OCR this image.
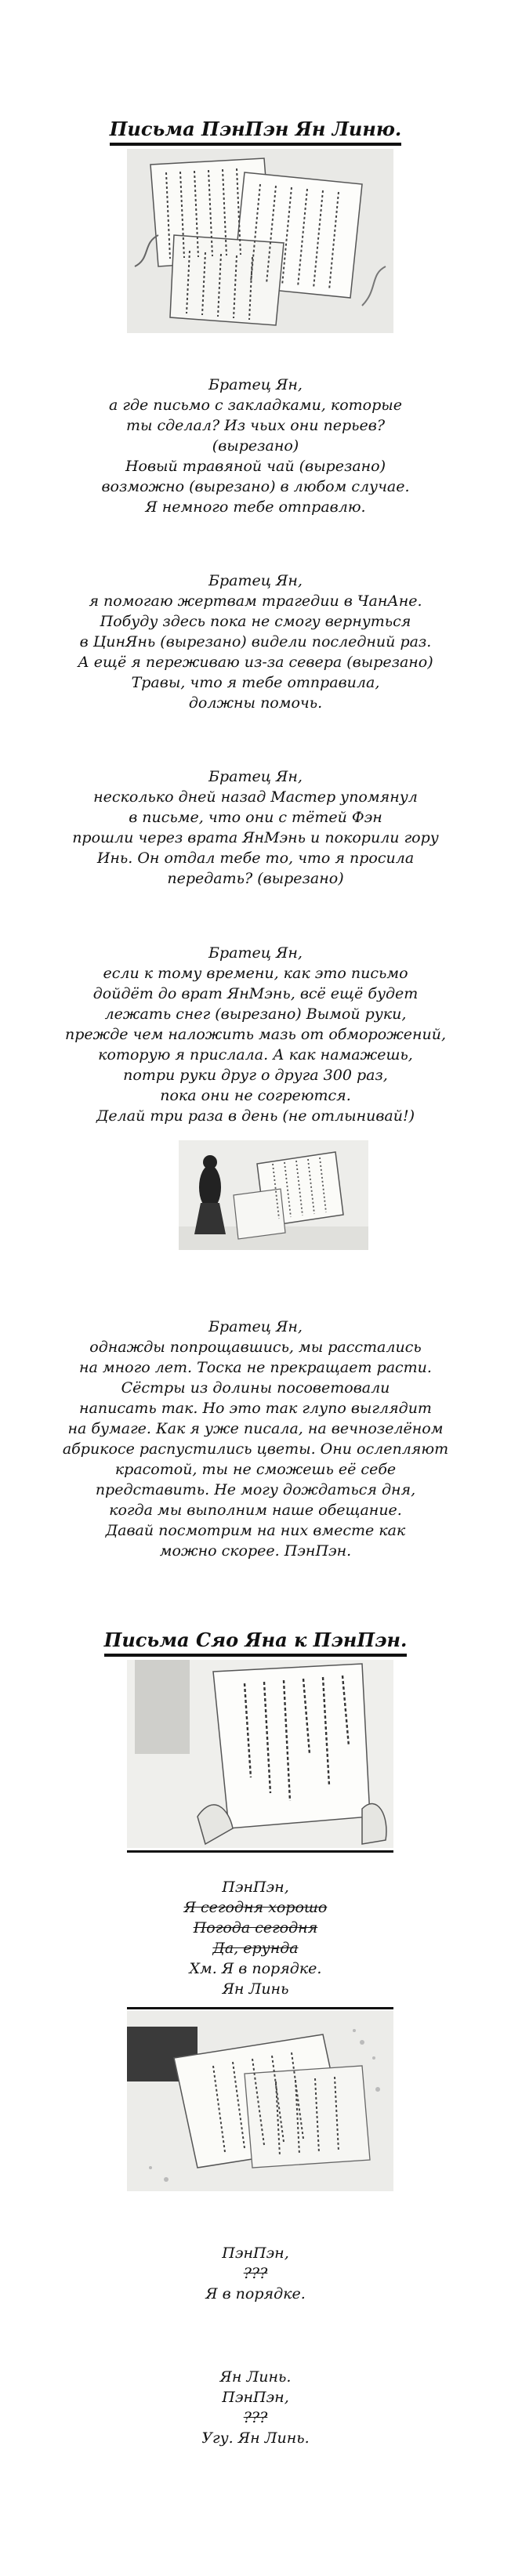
Письма ПэнПэн Ян Линю.
Братец Ян,
а где письмо с закладками, которые
ты сделал? Из чьих они перьев?
(вырезано)
Новый травяной чай (вырезано)
возможно (вырезано) в любом случае.
Я немного тебе отправлю.
Братец Ян,
я помогаю жертвам трагедии в ЧанАне.
Побуду здесь пока не смогу вернуться
в ЦинЯнь (вырезано) видели последний раз.
А ещё я переживаю из-за севера (вырезано)
Травы, что я тебе отправила,
должны помочь.
Братец Ян,
несколько дней назад Мастер упомянул
в письме, что они с тётей Фэн
прошли через врата ЯнМэнь и покорили гору
Инь. Он отдал тебе то, что я просила
передать? (вырезано)
Братец Ян,
если к тому времени, как это письмо
дойдёт до врат ЯнМэнь, всё ещё будет
лежать снег (вырезано) Вымой руки,
прежде чем наложить мазь от обморожений,
которую я прислала. А как намажешь,
потри руки друг о друга 300 раз,
пока они не согреются.
Делай три раза в день (не отлынивай!)
Братец Ян,
однажды попрощавшись, мы расстались
на много лет. Тоска не прекращает расти.
Сёстры из долины посоветовали
написать так. Но это так глупо выглядит
на бумаге. Как я уже писала, на вечнозелёном
абрикосе распустились цветы. Они ослепляют
красотой, ты не сможешь её себе
представить. Не могу дождаться дня,
когда мы выполним наше обещание.
Давай посмотрим на них вместе как
можно скорее. ПэнПэн.
Письма Сяо Яна к ПэнПэн.
ПэнПэн,
Я сегодня хорошо
Погода сегодня
Да, ерунда
Хм. Я в порядке.
Ян Линь
ПэнПэн,
???
Я в порядке.
Ян Линь.
ПэнПэн,
???
Угу. Ян Линь.
